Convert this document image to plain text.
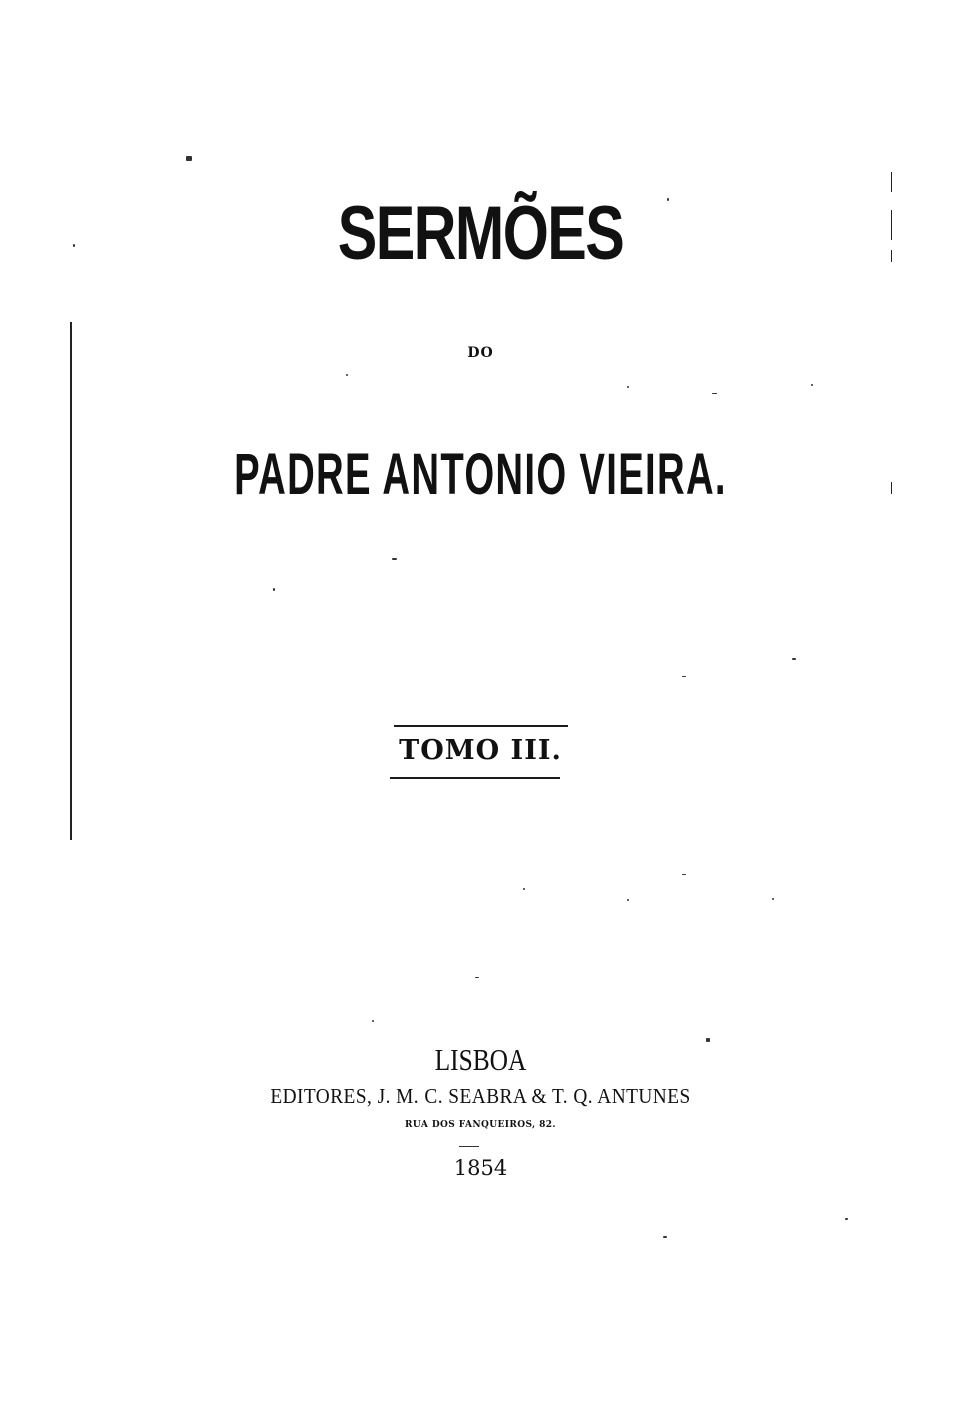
SERMÕES
DO
PADRE ANTONIO VIEIRA.
TOMO III.
LISBOA
EDITORES, J. M. C. SEABRA & T. Q. ANTUNES
RUA DOS FANQUEIROS, 82.
1854
